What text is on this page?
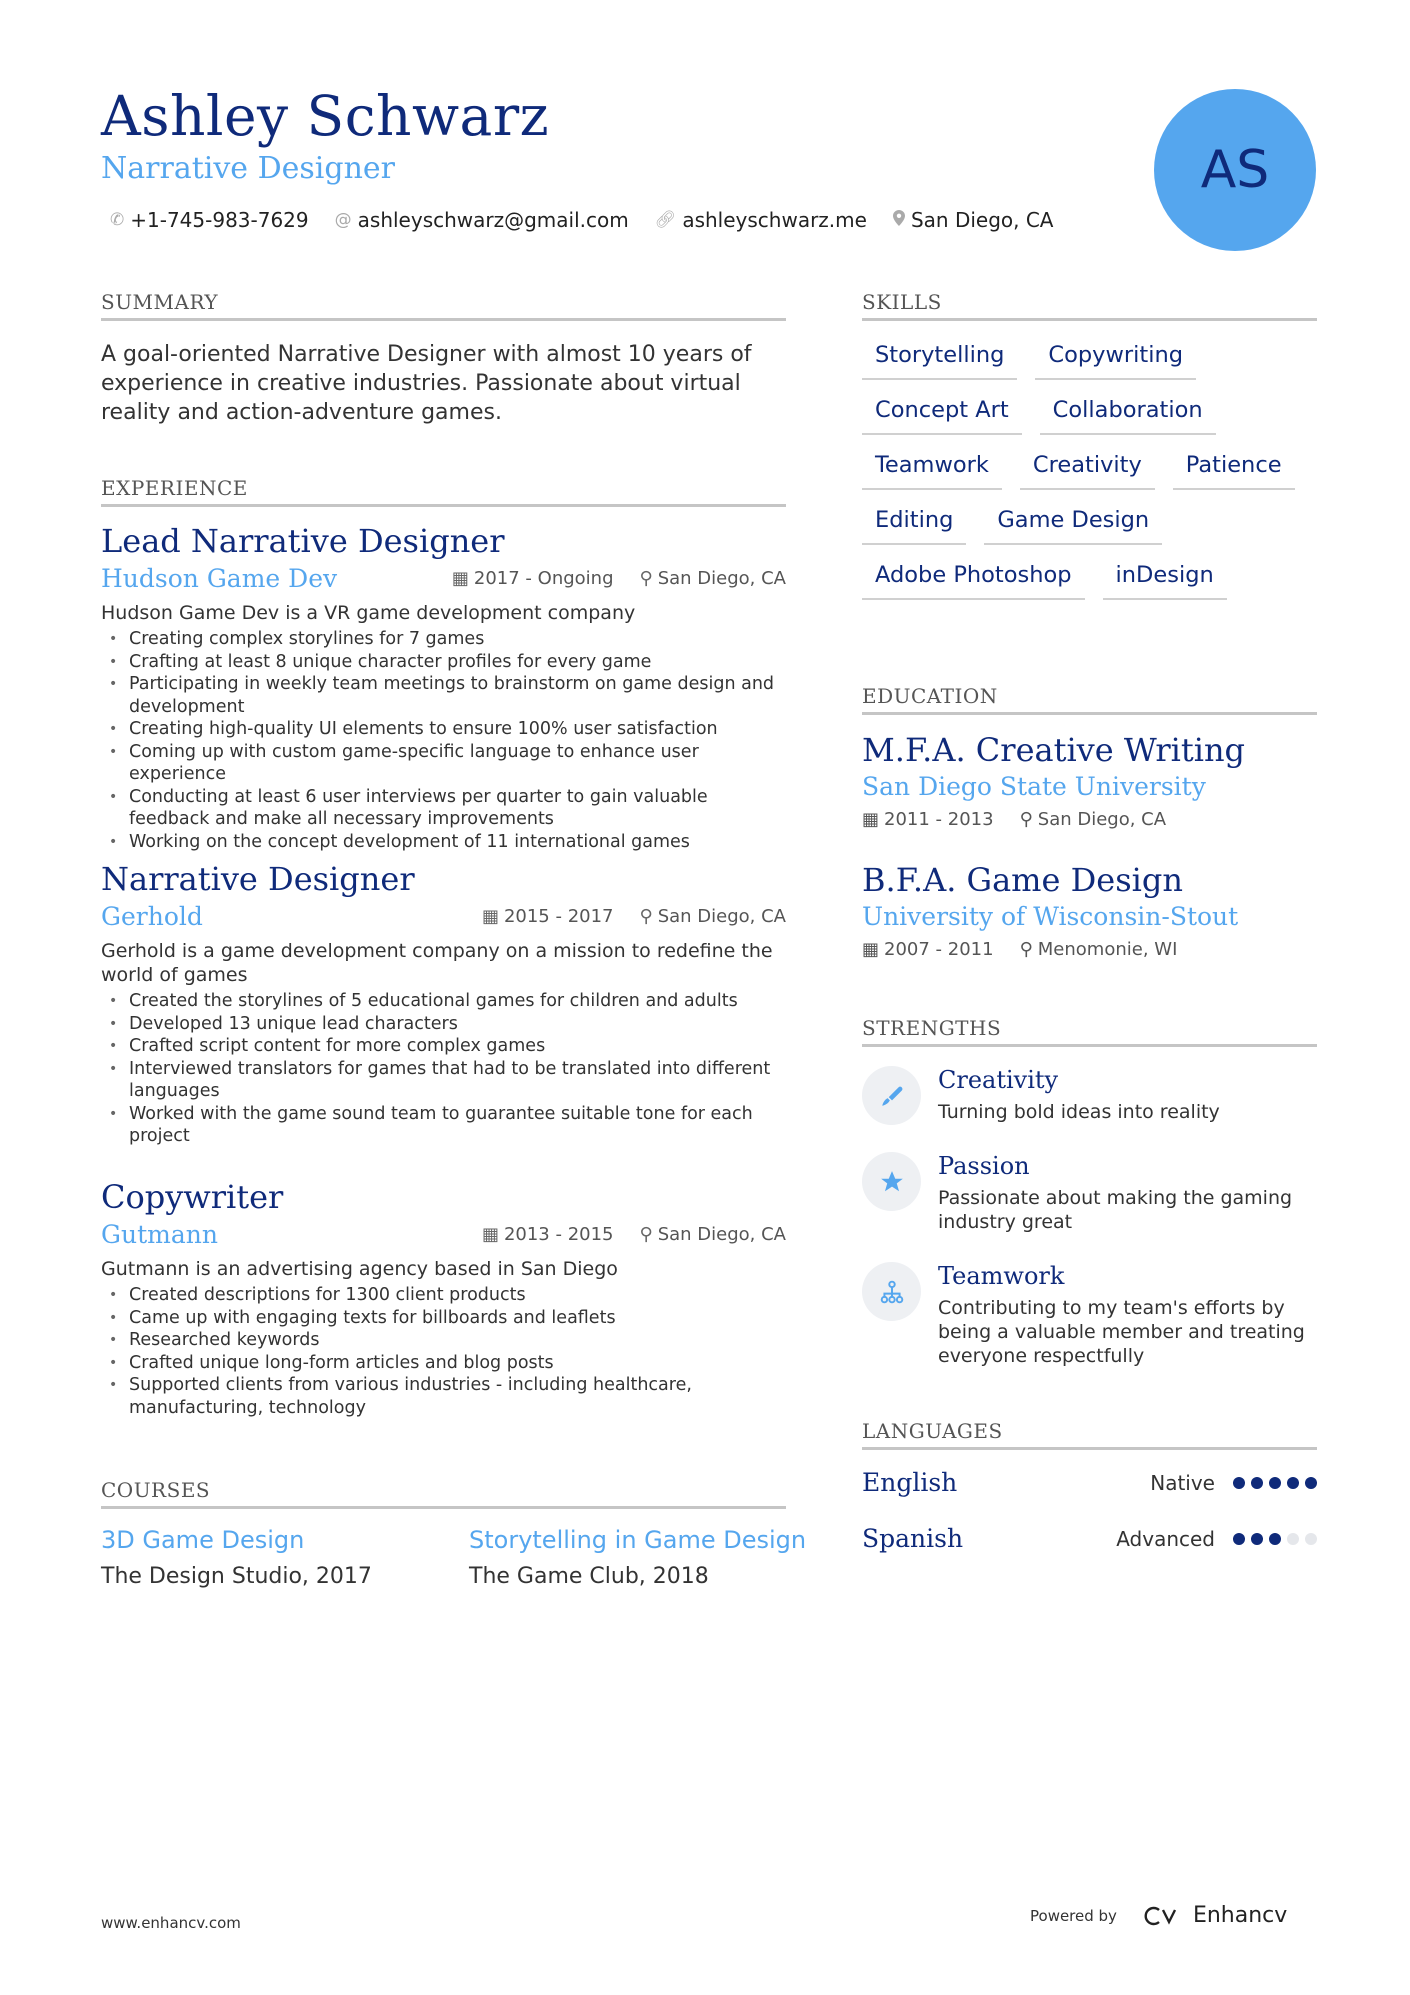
Ashley Schwarz
Narrative Designer
✆ +1-745-983-7629 @ ashleyschwarz@gmail.com 🔗︎ ashleyschwarz.me San Diego, CA
AS
SUMMARY
A goal-oriented Narrative Designer with almost 10 years of experience in creative industries. Passionate about virtual reality and action-adventure games.
EXPERIENCE
Lead Narrative Designer
Hudson Game Dev	▦ 2017 - Ongoing ⚲ San Diego, CA
Hudson Game Dev is a VR game development company
• Creating complex storylines for 7 games
• Crafting at least 8 unique character profiles for every game
• Participating in weekly team meetings to brainstorm on game design and development
• Creating high-quality UI elements to ensure 100% user satisfaction
• Coming up with custom game-specific language to enhance user experience
• Conducting at least 6 user interviews per quarter to gain valuable feedback and make all necessary improvements
• Working on the concept development of 11 international games
Narrative Designer
Gerhold	▦ 2015 - 2017 ⚲ San Diego, CA
Gerhold is a game development company on a mission to redefine the world of games
• Created the storylines of 5 educational games for children and adults
• Developed 13 unique lead characters
• Crafted script content for more complex games
• Interviewed translators for games that had to be translated into different languages
• Worked with the game sound team to guarantee suitable tone for each project
Copywriter
Gutmann	▦ 2013 - 2015 ⚲ San Diego, CA
Gutmann is an advertising agency based in San Diego
• Created descriptions for 1300 client products
• Came up with engaging texts for billboards and leaflets
• Researched keywords
• Crafted unique long-form articles and blog posts
• Supported clients from various industries - including healthcare, manufacturing, technology
COURSES
3D Game Design
The Design Studio, 2017
Storytelling in Game Design
The Game Club, 2018
SKILLS
Storytelling	Copywriting
Concept Art	Collaboration
Teamwork	Creativity	Patience
Editing	Game Design
Adobe Photoshop	inDesign
EDUCATION
M.F.A. Creative Writing
San Diego State University
▦ 2011 - 2013 ⚲ San Diego, CA
B.F.A. Game Design
University of Wisconsin-Stout
▦ 2007 - 2011 ⚲ Menomonie, WI
STRENGTHS
Creativity
Turning bold ideas into reality
Passion
Passionate about making the gaming industry great
Teamwork
Contributing to my team's efforts by being a valuable member and treating everyone respectfully
LANGUAGES
English	Native
Spanish	Advanced
www.enhancv.com	Powered by	Enhancv
